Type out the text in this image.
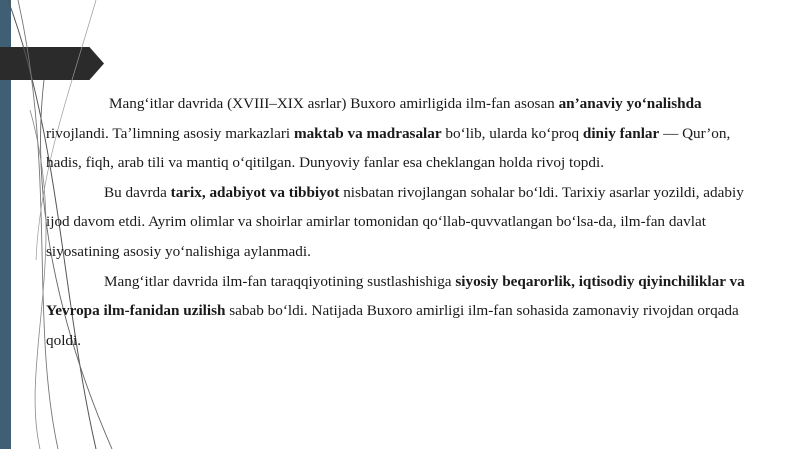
Mangʻitlar davrida (XVIII–XIX asrlar) Buxoro amirligida ilm-fan asosan an’anaviy yoʻnalishda rivojlandi. Taʼlimning asosiy markazlari maktab va madrasalar boʻlib, ularda koʻproq diniy fanlar — Qur’on, hadis, fiqh, arab tili va mantiq oʻqitilgan. Dunyoviy fanlar esa cheklangan holda rivoj topdi.

Bu davrda tarix, adabiyot va tibbiyot nisbatan rivojlangan sohalar boʻldi. Tarixiy asarlar yozildi, adabiy ijod davom etdi. Ayrim olimlar va shoirlar amirlar tomonidan qoʻllab-quvvatlangan boʻlsa-da, ilm-fan davlat siyosatining asosiy yoʻnalishiga aylanmadi.

Mangʻitlar davrida ilm-fan taraqqiyotining sustlashishiga siyosiy beqarorlik, iqtisodiy qiyinchiliklar va Yevropa ilm-fanidan uzilish sabab boʻldi. Natijada Buxoro amirligi ilm-fan sohasida zamonaviy rivojdan orqada qoldi.
